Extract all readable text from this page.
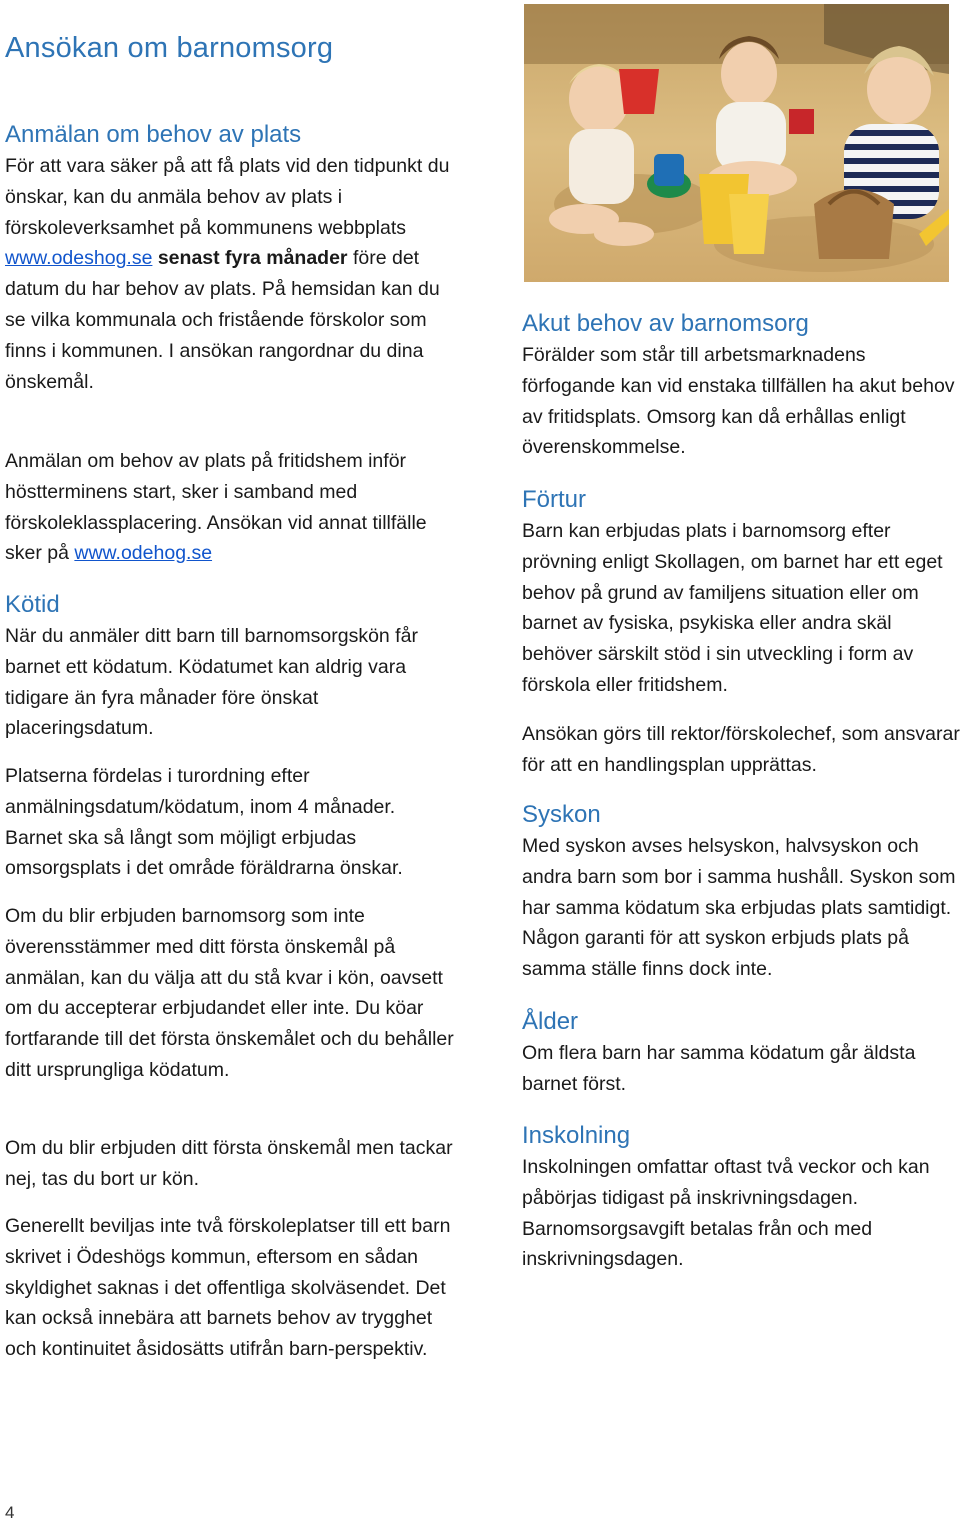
Ansökan om barnomsorg
Anmälan om behov av plats

För att vara säker på att få plats vid den tidpunkt du önskar, kan du anmäla behov av plats i förskoleverksamhet på kommunens webbplats www.odeshog.se senast fyra månader före det datum du har behov av plats. På hemsidan kan du se vilka kommunala och fristående förskolor som finns i kommunen. I ansökan rangordnar du dina önskemål.

Anmälan om behov av plats på fritidshem inför höstterminens start, sker i samband med förskoleklassplacering. Ansökan vid annat tillfälle sker på www.odehog.se

Kötid

När du anmäler ditt barn till barnomsorgskön får barnet ett ködatum. Ködatumet kan aldrig vara tidigare än fyra månader före önskat placeringsdatum.

Platserna fördelas i turordning efter anmälningsdatum/ködatum, inom 4 månader. Barnet ska så långt som möjligt erbjudas omsorgsplats i det område föräldrarna önskar.

Om du blir erbjuden barnomsorg som inte överensstämmer med ditt första önskemål på anmälan, kan du välja att du stå kvar i kön, oavsett om du accepterar erbjudandet eller inte. Du köar fortfarande till det första önskemålet och du behåller ditt ursprungliga ködatum.

Om du blir erbjuden ditt första önskemål men tackar nej, tas du bort ur kön.

Generellt beviljas inte två förskoleplatser till ett barn skrivet i Ödeshögs kommun, eftersom en sådan skyldighet saknas i det offentliga skolväsendet. Det kan också innebära att barnets behov av trygghet och kontinuitet åsidosätts utifrån barn-perspektiv.

Akut behov av barnomsorg

Förälder som står till arbetsmarknadens förfogande kan vid enstaka tillfällen ha akut behov av fritidsplats. Omsorg kan då erhållas enligt överenskommelse.

Förtur

Barn kan erbjudas plats i barnomsorg efter prövning enligt Skollagen, om barnet har ett eget behov på grund av familjens situation eller om barnet av fysiska, psykiska eller andra skäl behöver särskilt stöd i sin utveckling i form av förskola eller fritidshem.

Ansökan görs till rektor/förskolechef, som ansvarar för att en handlingsplan upprättas.

Syskon

Med syskon avses helsyskon, halvsyskon och andra barn som bor i samma hushåll. Syskon som har samma ködatum ska erbjudas plats samtidigt. Någon garanti för att syskon erbjuds plats på samma ställe finns dock inte.

Ålder

Om flera barn har samma ködatum går äldsta barnet först.

Inskolning

Inskolningen omfattar oftast två veckor och kan påbörjas tidigast på inskrivningsdagen. Barnomsorgsavgift betalas från och med inskrivningsdagen.

4
